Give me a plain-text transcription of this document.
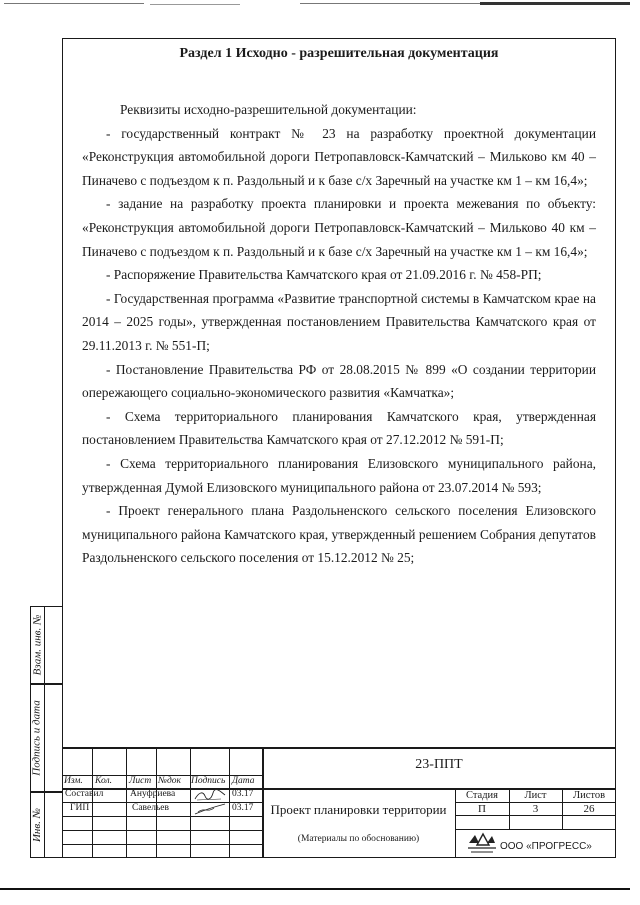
Взам. инв. №
Подпись и дата
Инв. №
Раздел 1 Исходно - разрешительная документация

Реквизиты исходно-разрешительной документации:

- государственный контракт № 23 на разработку проектной документации «Реконструкция автомобильной дороги Петропавловск-Камчатский – Мильково км 40 – Пиначево с подъездом к п. Раздольный и к базе с/х Заречный на участке км 1 – км 16,4»;

- задание на разработку проекта планировки и проекта межевания по объекту: «Реконструкция автомобильной дороги Петропавловск-Камчатский – Мильково 40 км – Пиначево с подъездом к п. Раздольный и к базе с/х Заречный на участке км 1 – км 16,4»;

- Распоряжение Правительства Камчатского края от 21.09.2016 г. № 458-РП;

- Государственная программа «Развитие транспортной системы в Камчатском крае на 2014 – 2025 годы», утвержденная постановлением Правительства Камчатского края от 29.11.2013 г. № 551-П;

- Постановление Правительства РФ от 28.08.2015 № 899 «О создании территории опережающего социально-экономического развития «Камчатка»;

- Схема территориального планирования Камчатского края, утвержденная постановлением Правительства Камчатского края от 27.12.2012 № 591-П;

- Схема территориального планирования Елизовского муниципального района, утвержденная Думой Елизовского муниципального района от 23.07.2014 № 593;

- Проект генерального плана Раздольненского сельского поселения Елизовского муниципального района Камчатского края, утвержденный решением Собрания депутатов Раздольненского сельского поселения от 15.12.2012 № 25;

Изм. Кол. Лист №док Подпись Дата
Составил	Ануфриева	03.17
ГИП	Савельев	03.17
23-ППТ
Проект планировки территории
(Материалы по обоснованию)
Стадия	Лист	Листов
П	3	26
ООО «ПРОГРЕСС»
